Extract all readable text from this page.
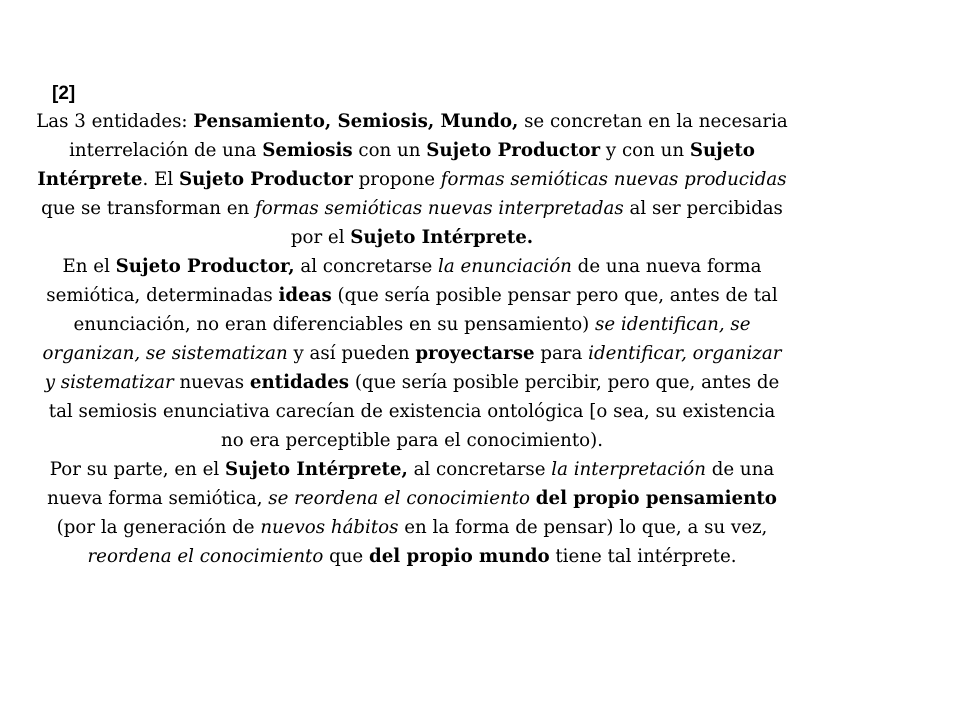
[2]

Las 3 entidades: Pensamiento, Semiosis, Mundo, se concretan en la necesaria interrelación de una Semiosis con un Sujeto Productor y con un Sujeto Intérprete. El Sujeto Productor propone formas semióticas nuevas producidas que se transforman en formas semióticas nuevas interpretadas al ser percibidas por el Sujeto Intérprete.

En el Sujeto Productor, al concretarse la enunciación de una nueva forma semiótica, determinadas ideas (que sería posible pensar pero que, antes de tal enunciación, no eran diferenciables en su pensamiento) se identifican, se organizan, se sistematizan y así pueden proyectarse para identificar, organizar y sistematizar nuevas entidades (que sería posible percibir, pero que, antes de tal semiosis enunciativa carecían de existencia ontológica [o sea, su existencia no era perceptible para el conocimiento).

Por su parte, en el Sujeto Intérprete, al concretarse la interpretación de una nueva forma semiótica, se reordena el conocimiento del propio pensamiento (por la generación de nuevos hábitos en la forma de pensar) lo que, a su vez, reordena el conocimiento que del propio mundo tiene tal intérprete.
